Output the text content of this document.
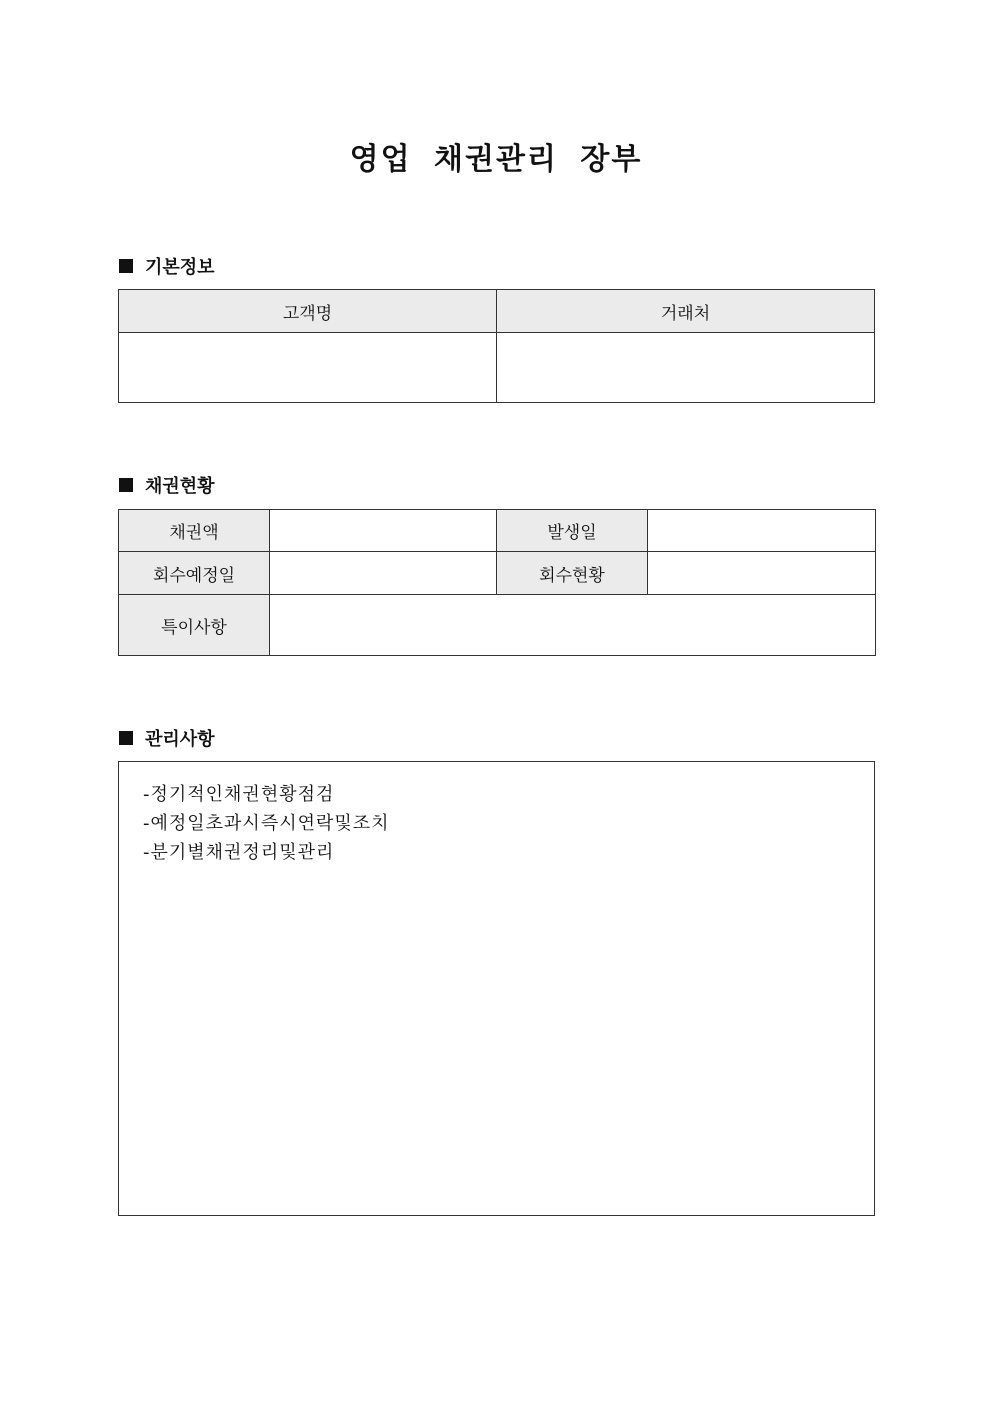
영업 채권관리 장부
기본정보
고객명	거래처

채권현황
채권액		발생일	
회수예정일		회수현황	
특이사항			
관리사항
-정기적인채권현황점검
-예정일초과시즉시연락및조치
-분기별채권정리및관리
